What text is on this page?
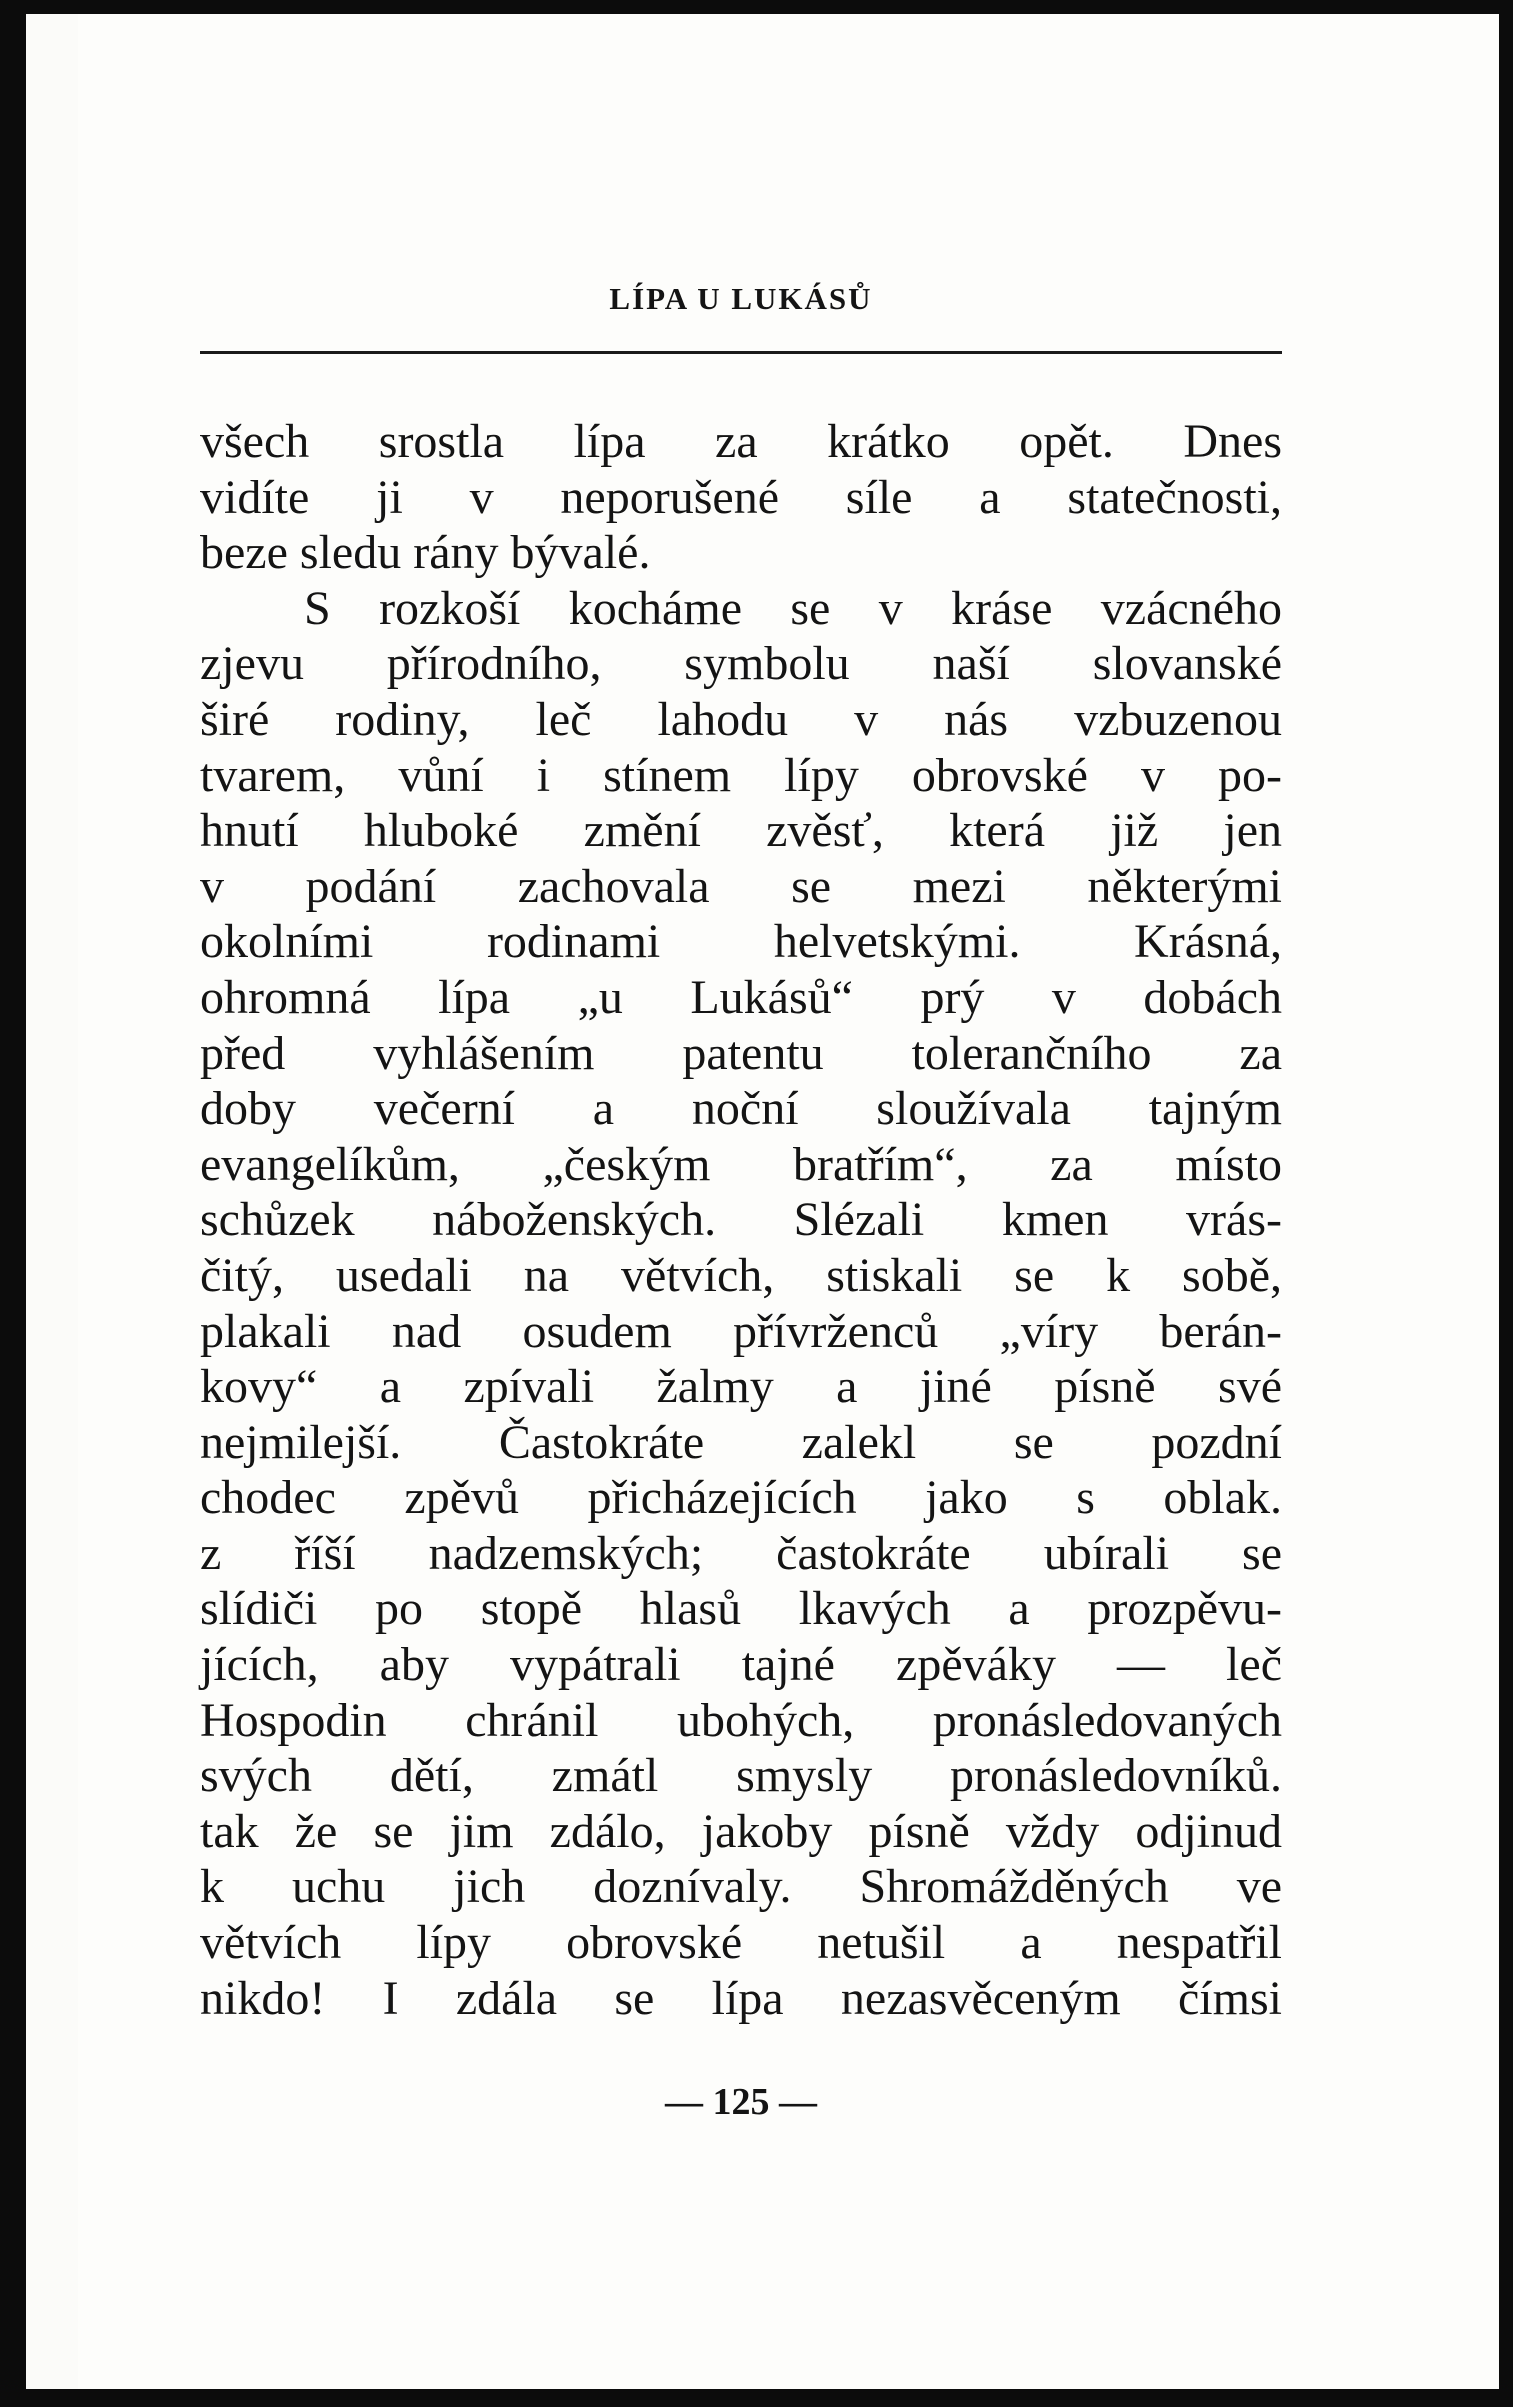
LÍPA U LUKÁSŮ
všech srostla lípa za krátko opět. Dnes
vidíte ji v neporušené síle a statečnosti,
beze sledu rány bývalé.
S rozkoší kocháme se v kráse vzácného
zjevu přírodního, symbolu naší slovanské
širé rodiny, leč lahodu v nás vzbuzenou
tvarem, vůní i stínem lípy obrovské v po-
hnutí hluboké změní zvěsť, která již jen
v podání zachovala se mezi některými
okolními rodinami helvetskými. Krásná,
ohromná lípa „u Lukásů“ prý v dobách
před vyhlášením patentu tolerančního za
doby večerní a noční sloužívala tajným
evangelíkům, „českým bratřím“, za místo
schůzek náboženských. Slézali kmen vrás-
čitý, usedali na větvích, stiskali se k sobě,
plakali nad osudem přívrženců „víry berán-
kovy“ a zpívali žalmy a jiné písně své
nejmilejší. Častokráte zalekl se pozdní
chodec zpěvů přicházejících jako s oblak.
z říší nadzemských; častokráte ubírali se
slídiči po stopě hlasů lkavých a prozpěvu-
jících, aby vypátrali tajné zpěváky — leč
Hospodin chránil ubohých, pronásledovaných
svých dětí, zmátl smysly pronásledovníků.
tak že se jim zdálo, jakoby písně vždy odjinud
k uchu jich doznívaly. Shromážděných ve
větvích lípy obrovské netušil a nespatřil
nikdo! I zdála se lípa nezasvěceným čímsi
— 125 —
